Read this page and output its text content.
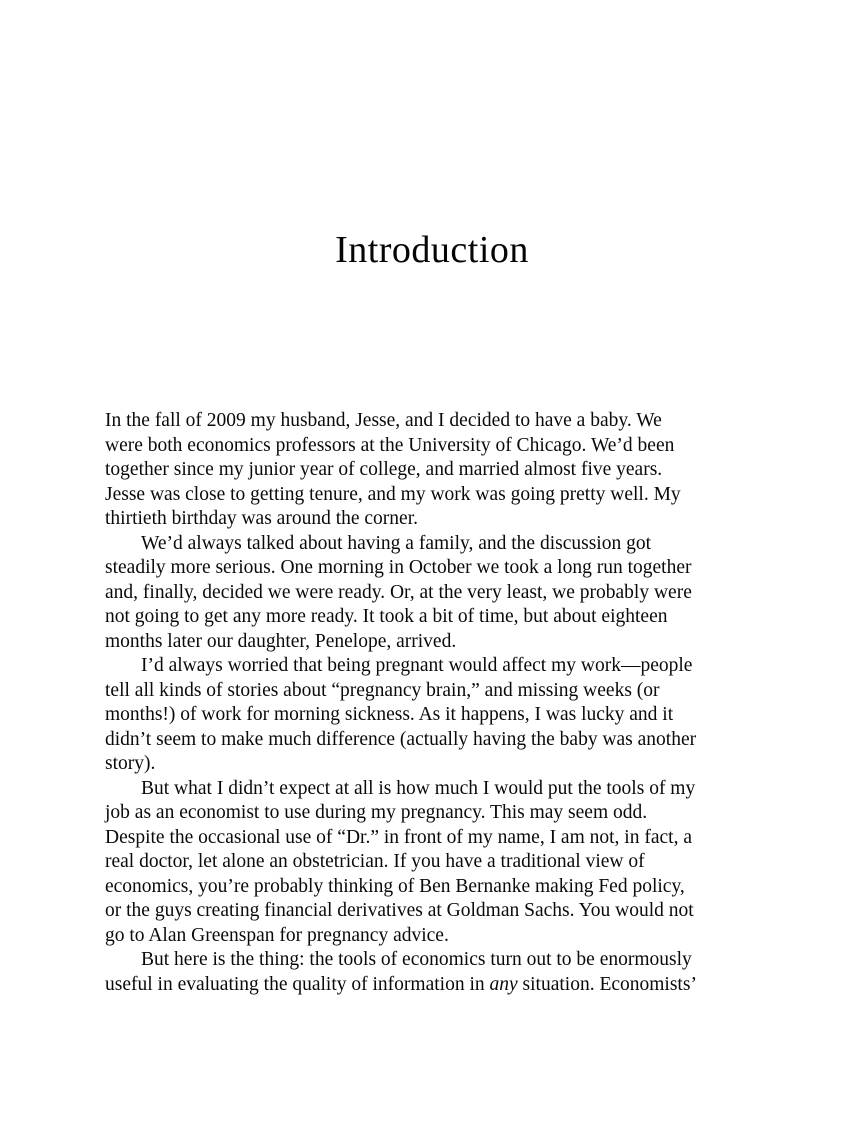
Introduction
In the fall of 2009 my husband, Jesse, and I decided to have a baby. We
were both economics professors at the University of Chicago. We’d been
together since my junior year of college, and married almost five years.
Jesse was close to getting tenure, and my work was going pretty well. My
thirtieth birthday was around the corner.
We’d always talked about having a family, and the discussion got
steadily more serious. One morning in October we took a long run together
and, finally, decided we were ready. Or, at the very least, we probably were
not going to get any more ready. It took a bit of time, but about eighteen
months later our daughter, Penelope, arrived.
I’d always worried that being pregnant would affect my work—people
tell all kinds of stories about “pregnancy brain,” and missing weeks (or
months!) of work for morning sickness. As it happens, I was lucky and it
didn’t seem to make much difference (actually having the baby was another
story).
But what I didn’t expect at all is how much I would put the tools of my
job as an economist to use during my pregnancy. This may seem odd.
Despite the occasional use of “Dr.” in front of my name, I am not, in fact, a
real doctor, let alone an obstetrician. If you have a traditional view of
economics, you’re probably thinking of Ben Bernanke making Fed policy,
or the guys creating financial derivatives at Goldman Sachs. You would not
go to Alan Greenspan for pregnancy advice.
But here is the thing: the tools of economics turn out to be enormously
useful in evaluating the quality of information in any situation. Economists’
